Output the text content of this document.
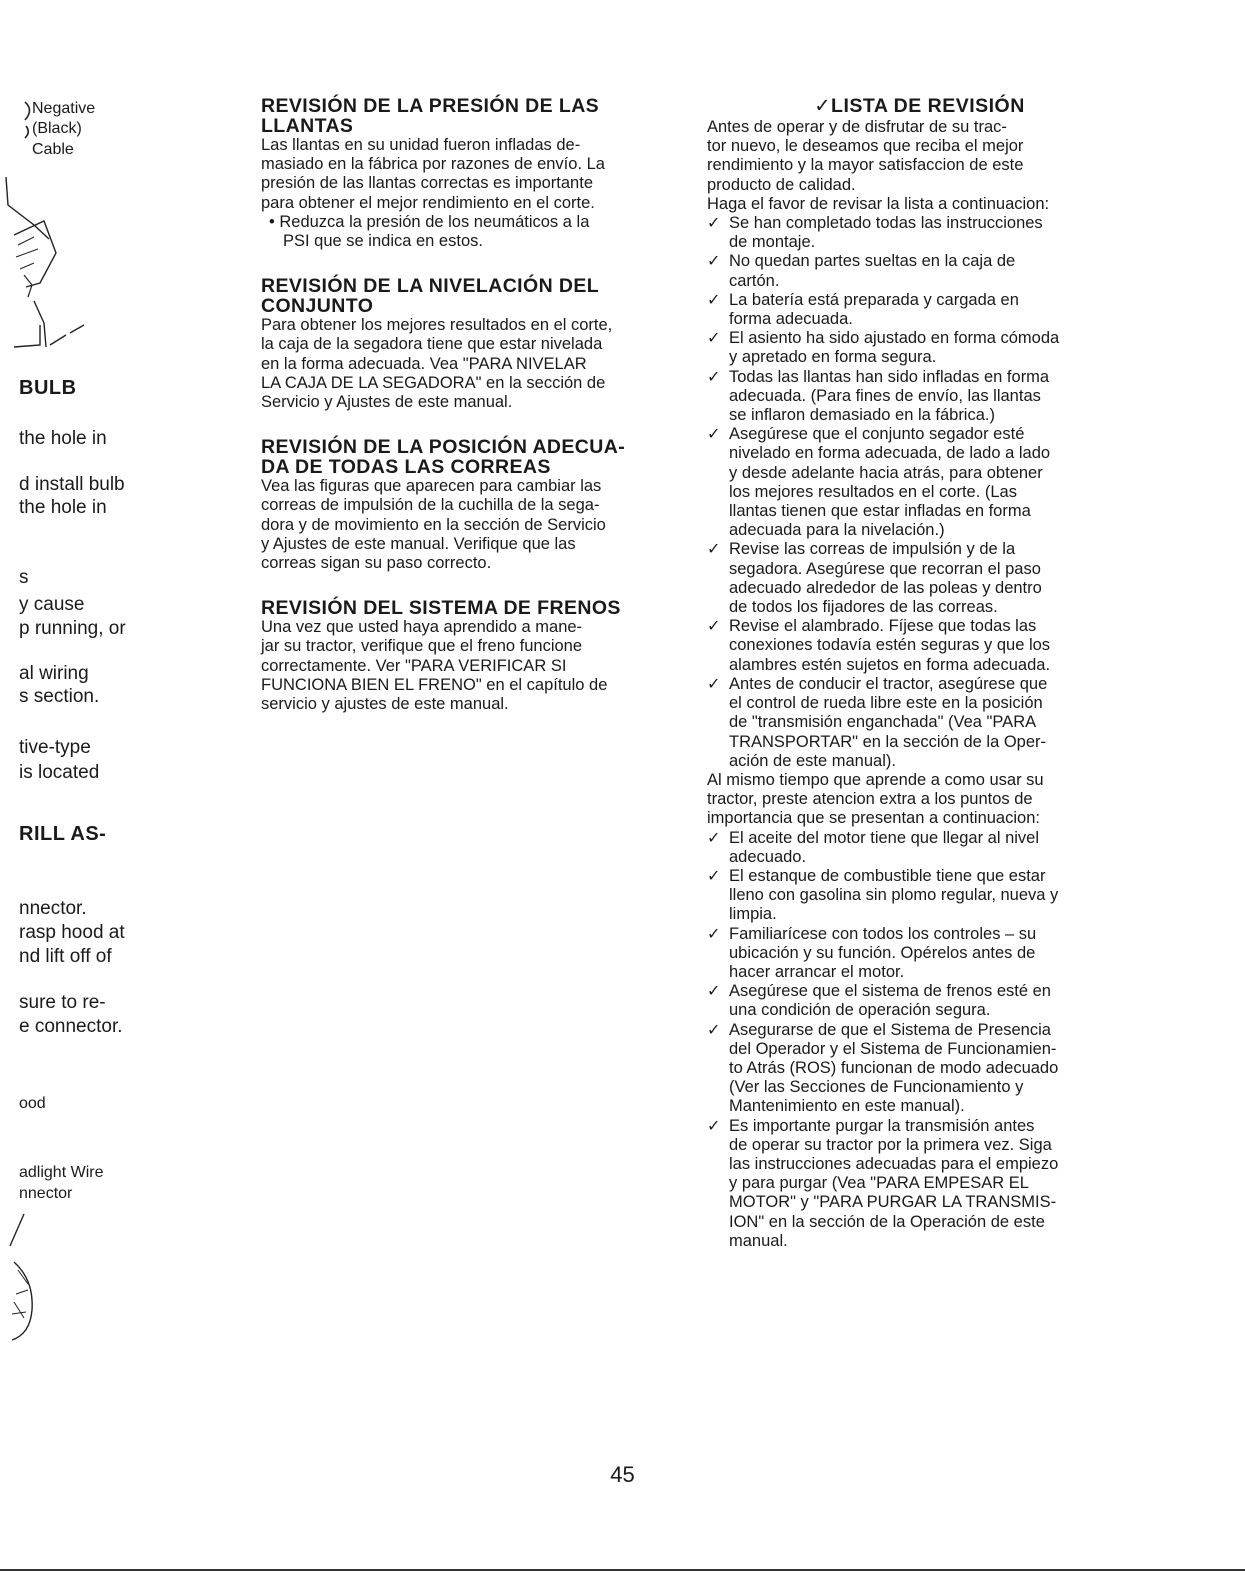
Negative
(Black)
Cable
BULB
the hole in
d install bulb
the hole in
s
y cause
p running, or
al wiring
s section.
tive-type
is located
RILL AS-
nnector.
rasp hood at
nd lift off of
sure to re-
e connector.
ood
adlight Wire
nnector
REVISIÓN DE LA PRESIÓN DE LAS
LLANTAS

Las llantas en su unidad fueron infladas de-
masiado en la fábrica por razones de envío. La
presión de las llantas correctas es importante
para obtener el mejor rendimiento en el corte.

• Reduzca la presión de los neumáticos a la
PSI que se indica en estos.

REVISIÓN DE LA NIVELACIÓN DEL
CONJUNTO

Para obtener los mejores resultados en el corte,
la caja de la segadora tiene que estar nivelada
en la forma adecuada. Vea "PARA NIVELAR
LA CAJA DE LA SEGADORA" en la sección de
Servicio y Ajustes de este manual.

REVISIÓN DE LA POSICIÓN ADECUA-
DA DE TODAS LAS CORREAS

Vea las figuras que aparecen para cambiar las
correas de impulsión de la cuchilla de la sega-
dora y de movimiento en la sección de Servicio
y Ajustes de este manual. Verifique que las
correas sigan su paso correcto.

REVISIÓN DEL SISTEMA DE FRENOS

Una vez que usted haya aprendido a mane-
jar su tractor, verifique que el freno funcione
correctamente. Ver "PARA VERIFICAR SI
FUNCIONA BIEN EL FRENO" en el capítulo de
servicio y ajustes de este manual.

✓LISTA DE REVISIÓN

Antes de operar y de disfrutar de su trac-
tor nuevo, le deseamos que reciba el mejor
rendimiento y la mayor satisfaccion de este
producto de calidad.

Haga el favor de revisar la lista a continuacion:

✓ Se han completado todas las instrucciones
de montaje.
✓ No quedan partes sueltas en la caja de
cartón.
✓ La batería está preparada y cargada en
forma adecuada.
✓ El asiento ha sido ajustado en forma cómoda
y apretado en forma segura.
✓ Todas las llantas han sido infladas en forma
adecuada. (Para fines de envío, las llantas
se inflaron demasiado en la fábrica.)
✓ Asegúrese que el conjunto segador esté
nivelado en forma adecuada, de lado a lado
y desde adelante hacia atrás, para obtener
los mejores resultados en el corte. (Las
llantas tienen que estar infladas en forma
adecuada para la nivelación.)
✓ Revise las correas de impulsión y de la
segadora. Asegúrese que recorran el paso
adecuado alrededor de las poleas y dentro
de todos los fijadores de las correas.
✓ Revise el alambrado. Fíjese que todas las
conexiones todavía estén seguras y que los
alambres estén sujetos en forma adecuada.
✓ Antes de conducir el tractor, asegúrese que
el control de rueda libre este en la posición
de "transmisión enganchada" (Vea "PARA
TRANSPORTAR" en la sección de la Oper-
ación de este manual).

Al mismo tiempo que aprende a como usar su
tractor, preste atencion extra a los puntos de
importancia que se presentan a continuacion:

✓ El aceite del motor tiene que llegar al nivel
adecuado.
✓ El estanque de combustible tiene que estar
lleno con gasolina sin plomo regular, nueva y
limpia.
✓ Familiarícese con todos los controles – su
ubicación y su función. Opérelos antes de
hacer arrancar el motor.
✓ Asegúrese que el sistema de frenos esté en
una condición de operación segura.
✓ Asegurarse de que el Sistema de Presencia
del Operador y el Sistema de Funcionamien-
to Atrás (ROS) funcionan de modo adecuado
(Ver las Secciones de Funcionamiento y
Mantenimiento en este manual).
✓ Es importante purgar la transmisión antes
de operar su tractor por la primera vez. Siga
las instrucciones adecuadas para el empiezo
y para purgar (Vea "PARA EMPESAR EL
MOTOR" y "PARA PURGAR LA TRANSMIS-
ION" en la sección de la Operación de este
manual.
45
